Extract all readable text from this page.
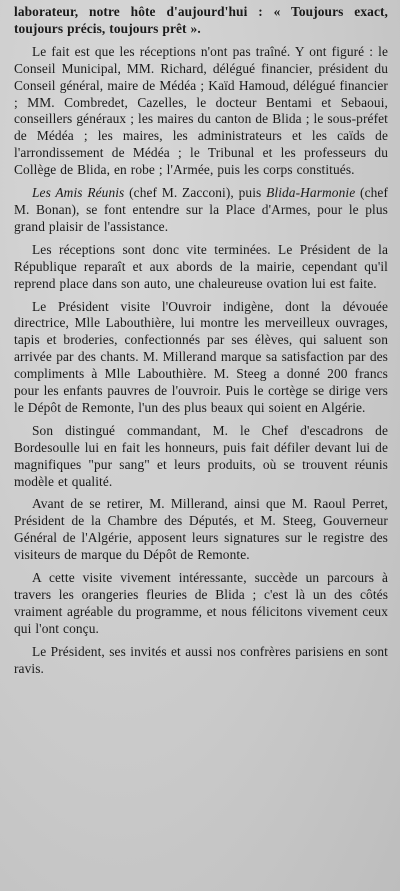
laborateur, notre hôte d'aujourd'hui : « Toujours exact, toujours précis, toujours prêt ».

Le fait est que les réceptions n'ont pas traîné. Y ont figuré : le Conseil Municipal, MM. Richard, délégué financier, président du Conseil général, maire de Médéa ; Kaïd Hamoud, délégué financier ; MM. Combredet, Cazelles, le docteur Bentami et Sebaoui, conseillers généraux ; les maires du canton de Blida ; le sous-préfet de Médéa ; les maires, les administrateurs et les caïds de l'arrondissement de Médéa ; le Tribunal et les professeurs du Collège de Blida, en robe ; l'Armée, puis les corps constitués.

Les Amis Réunis (chef M. Zacconi), puis Blida-Harmonie (chef M. Bonan), se font entendre sur la Place d'Armes, pour le plus grand plaisir de l'assistance.

Les réceptions sont donc vite terminées. Le Président de la République reparaît et aux abords de la mairie, cependant qu'il reprend place dans son auto, une chaleureuse ovation lui est faite.

Le Président visite l'Ouvroir indigène, dont la dévouée directrice, Mlle Labouthière, lui montre les merveilleux ouvrages, tapis et broderies, confectionnés par ses élèves, qui saluent son arrivée par des chants. M. Millerand marque sa satisfaction par des compliments à Mlle Labouthière. M. Steeg a donné 200 francs pour les enfants pauvres de l'ouvroir. Puis le cortège se dirige vers le Dépôt de Remonte, l'un des plus beaux qui soient en Algérie.

Son distingué commandant, M. le Chef d'escadrons de Bordesoulle lui en fait les honneurs, puis fait défiler devant lui de magnifiques "pur sang" et leurs produits, où se trouvent réunis modèle et qualité.

Avant de se retirer, M. Millerand, ainsi que M. Raoul Perret, Président de la Chambre des Députés, et M. Steeg, Gouverneur Général de l'Algérie, apposent leurs signatures sur le registre des visiteurs de marque du Dépôt de Remonte.

A cette visite vivement intéressante, succède un parcours à travers les orangeries fleuries de Blida ; c'est là un des côtés vraiment agréable du programme, et nous félicitons vivement ceux qui l'ont conçu.

Le Président, ses invités et aussi nos confrères parisiens en sont ravis.
